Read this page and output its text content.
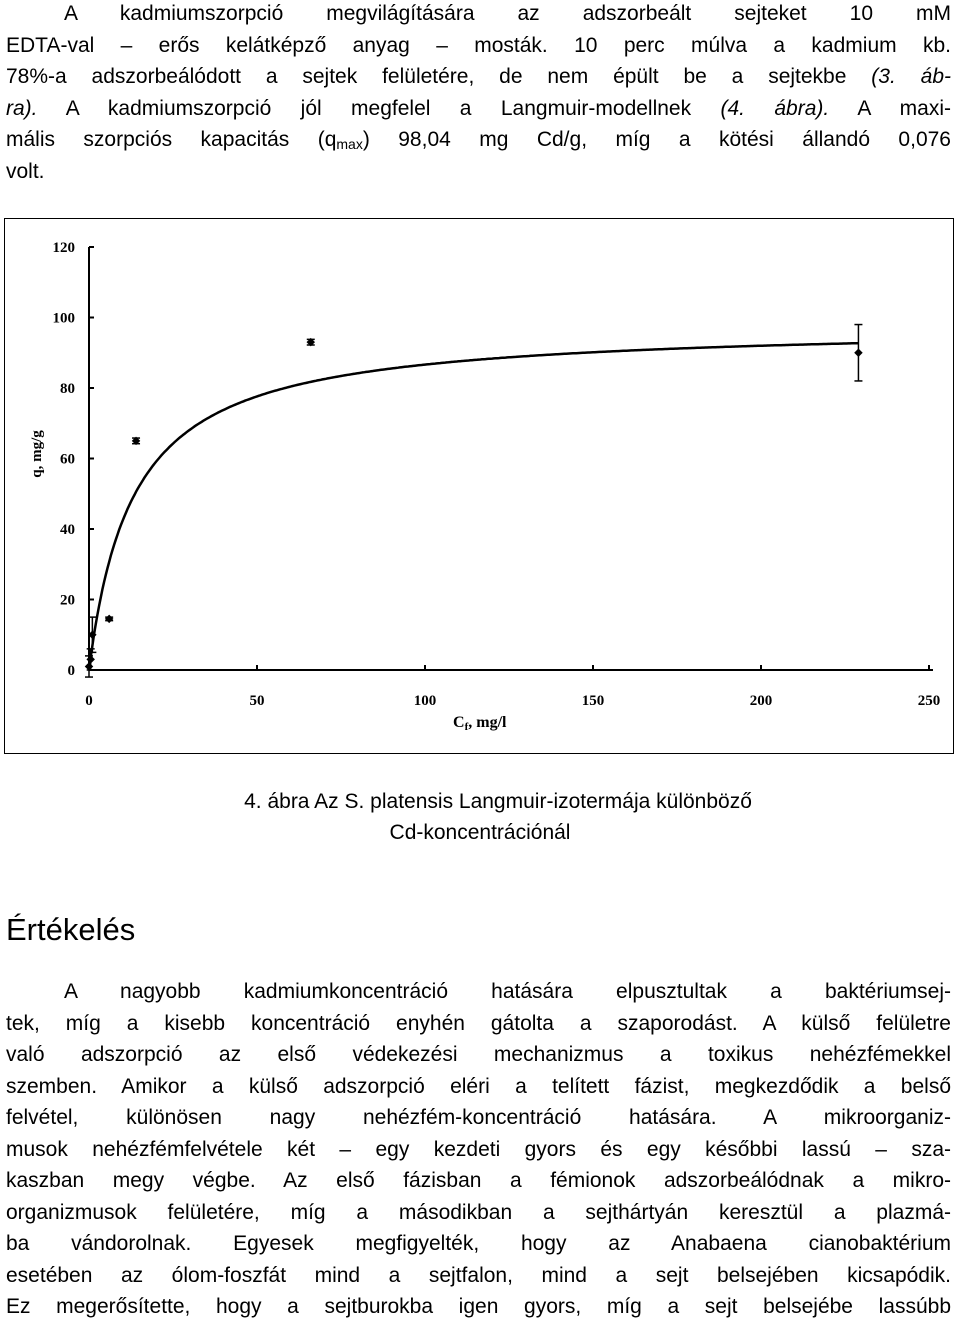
A kadmiumszorpció megvilágítására az adszorbeált sejteket 10 mM
EDTA-val – erős kelátképző anyag – mosták. 10 perc múlva a kadmium kb.
78%-a adszorbeálódott a sejtek felületére, de nem épült be a sejtekbe (3. áb-
ra). A kadmiumszorpció jól megfelel a Langmuir-modellnek (4. ábra). A maxi-
mális szorpciós kapacitás $(q_{max})$ 98,04 mg Cd/g, míg a kötési állandó 0,076
volt.
0
20
40
60
80
100
120
0	50	100	150	200	250
q, mg/g
Cf, mg/l
4. ábra Az S. platensis Langmuir-izotermája különböző
Cd-koncentrációnál
Értékelés
A nagyobb kadmiumkoncentráció hatására elpusztultak a baktériumsej-
tek, míg a kisebb koncentráció enyhén gátolta a szaporodást. A külső felületre
való adszorpció az első védekezési mechanizmus a toxikus nehézfémekkel
szemben. Amikor a külső adszorpció eléri a telített fázist, megkezdődik a belső
felvétel, különösen nagy nehézfém-koncentráció hatására. A mikroorganiz-
musok nehézfémfelvétele két – egy kezdeti gyors és egy későbbi lassú – sza-
kaszban megy végbe. Az első fázisban a fémionok adszorbeálódnak a mikro-
organizmusok felületére, míg a másodikban a sejthártyán keresztül a plazmá-
ba vándorolnak. Egyesek megfigyelték, hogy az Anabaena cianobaktérium
esetében az ólom-foszfát mind a sejtfalon, mind a sejt belsejében kicsapódik.
Ez megerősítette, hogy a sejtburokba igen gyors, míg a sejt belsejébe lassúbb
